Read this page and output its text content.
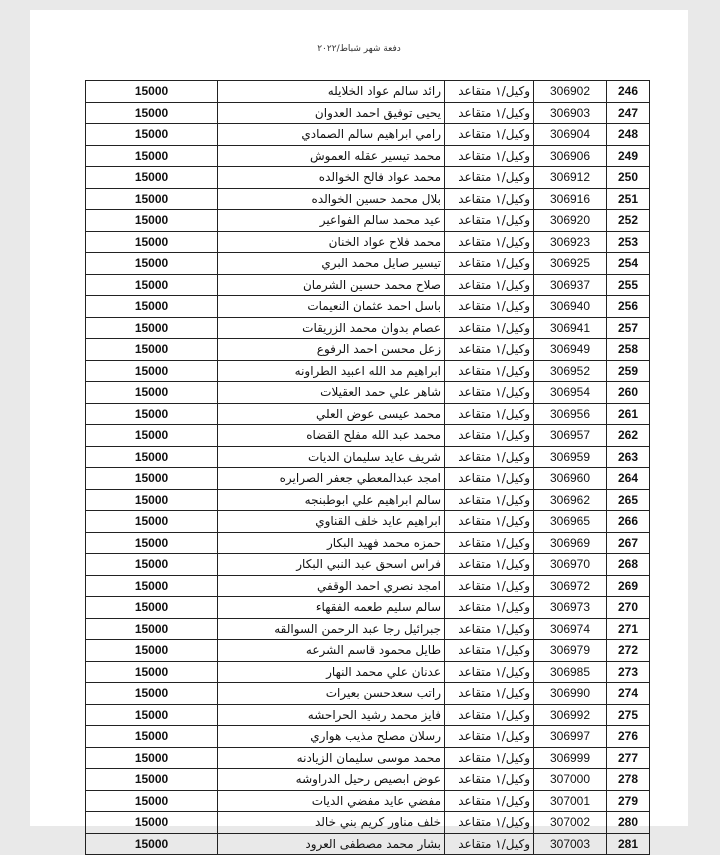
دفعة شهر شباط/٢٠٢٢
246	306902	وكيل/١ متقاعد	رائد سالم عواد الخلايله	15000
247	306903	وكيل/١ متقاعد	يحيى توفيق احمد العدوان	15000
248	306904	وكيل/١ متقاعد	رامي ابراهيم سالم الصمادي	15000
249	306906	وكيل/١ متقاعد	محمد تيسير عقله العموش	15000
250	306912	وكيل/١ متقاعد	محمد عواد فالح الخوالده	15000
251	306916	وكيل/١ متقاعد	بلال محمد حسين الخوالده	15000
252	306920	وكيل/١ متقاعد	عيد محمد سالم الفواعير	15000
253	306923	وكيل/١ متقاعد	محمد فلاح عواد الخنان	15000
254	306925	وكيل/١ متقاعد	تيسير صايل محمد البري	15000
255	306937	وكيل/١ متقاعد	صلاح محمد حسين الشرمان	15000
256	306940	وكيل/١ متقاعد	باسل احمد عثمان النعيمات	15000
257	306941	وكيل/١ متقاعد	عصام بدوان محمد الزريقات	15000
258	306949	وكيل/١ متقاعد	زعل محسن احمد الرفوع	15000
259	306952	وكيل/١ متقاعد	ابراهيم مد الله اعبيد الطراونه	15000
260	306954	وكيل/١ متقاعد	شاهر علي حمد العقيلات	15000
261	306956	وكيل/١ متقاعد	محمد عيسى عوض العلي	15000
262	306957	وكيل/١ متقاعد	محمد عبد الله مفلح القضاه	15000
263	306959	وكيل/١ متقاعد	شريف عايد سليمان الديات	15000
264	306960	وكيل/١ متقاعد	امجد عبدالمعطي جعفر الصرايره	15000
265	306962	وكيل/١ متقاعد	سالم ابراهيم علي ابوطبنجه	15000
266	306965	وكيل/١ متقاعد	ابراهيم عايد خلف القناوي	15000
267	306969	وكيل/١ متقاعد	حمزه محمد فهيد البكار	15000
268	306970	وكيل/١ متقاعد	فراس اسحق عبد النبي البكار	15000
269	306972	وكيل/١ متقاعد	امجد نصري احمد الوقفي	15000
270	306973	وكيل/١ متقاعد	سالم سليم طعمه الفقهاء	15000
271	306974	وكيل/١ متقاعد	جبرائيل رجا عبد الرحمن السوالقه	15000
272	306979	وكيل/١ متقاعد	طايل محمود قاسم الشرعه	15000
273	306985	وكيل/١ متقاعد	عدنان علي محمد النهار	15000
274	306990	وكيل/١ متقاعد	راتب سعدحسن بعيرات	15000
275	306992	وكيل/١ متقاعد	فايز محمد رشيد الحراحشه	15000
276	306997	وكيل/١ متقاعد	رسلان مصلح مذيب هواري	15000
277	306999	وكيل/١ متقاعد	محمد موسى سليمان الزيادنه	15000
278	307000	وكيل/١ متقاعد	عوض ابصيص رحيل الدراوشه	15000
279	307001	وكيل/١ متقاعد	مفضي عايد مفضي الديات	15000
280	307002	وكيل/١ متقاعد	خلف مناور كريم بني خالد	15000
281	307003	وكيل/١ متقاعد	بشار محمد مصطفى العرود	15000
